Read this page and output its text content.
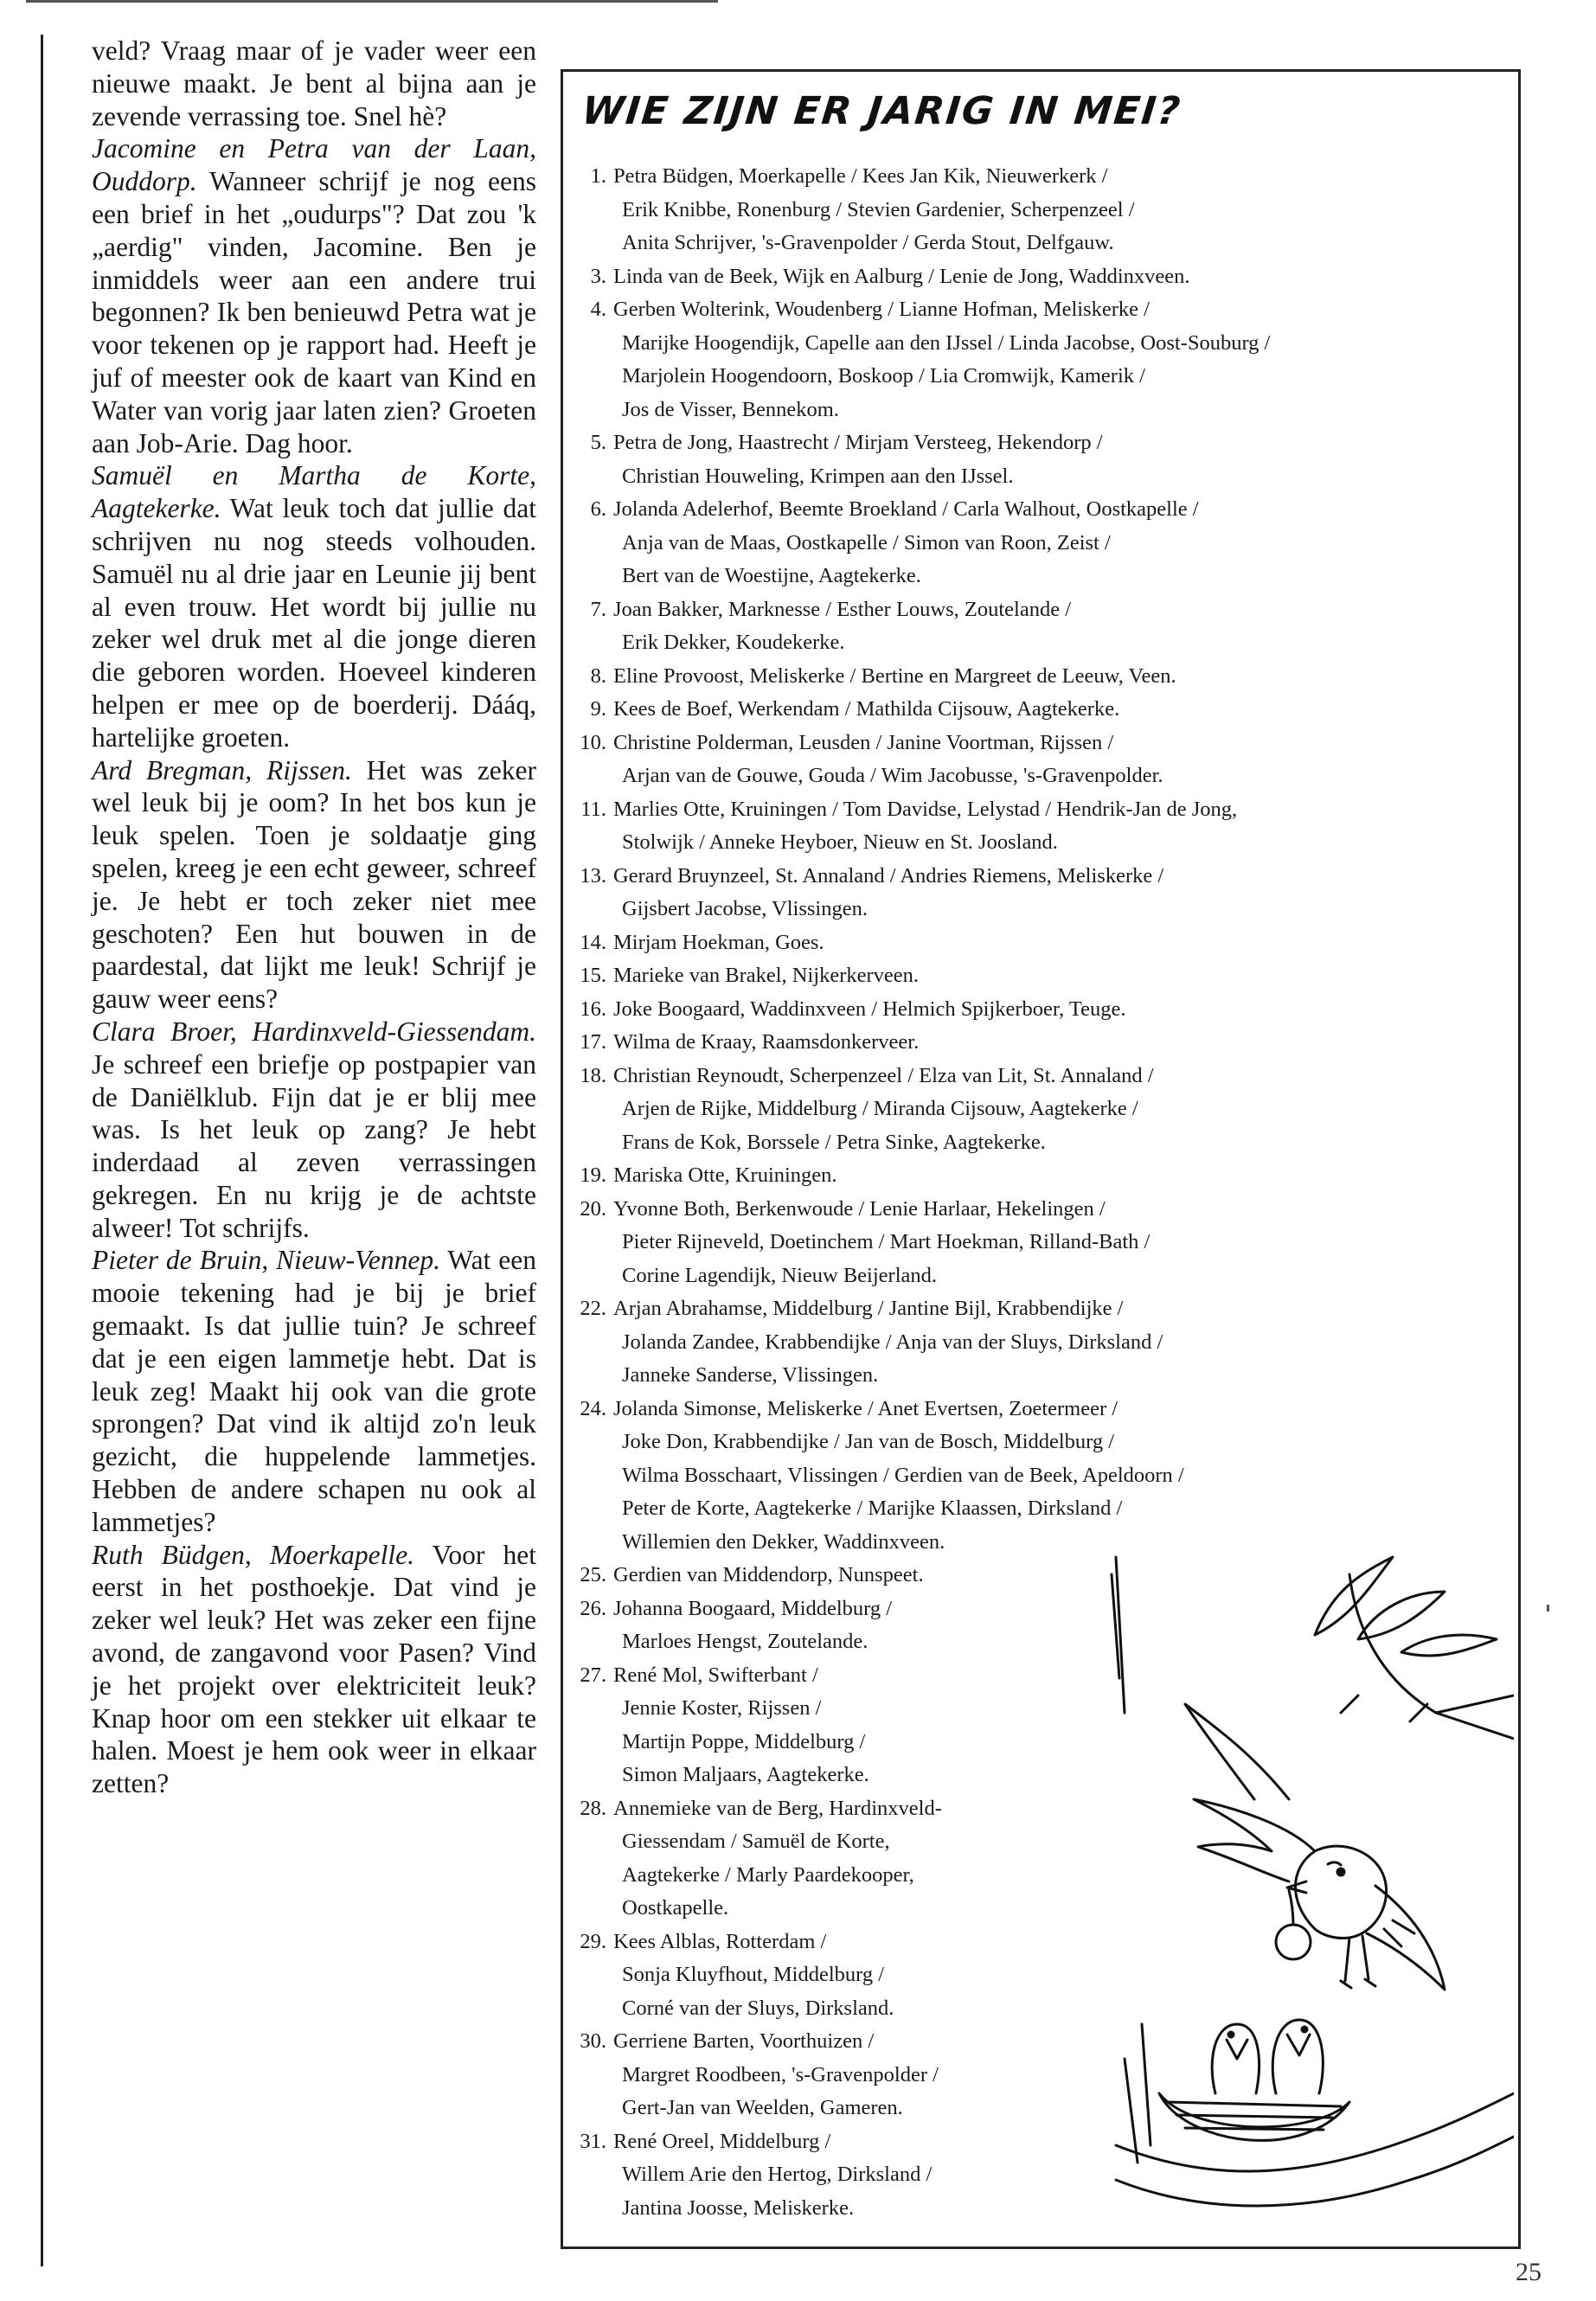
veld? Vraag maar of je vader weer een nieuwe maakt. Je bent al bijna aan je zevende verrassing toe. Snel hè?

Jacomine en Petra van der Laan, Ouddorp. Wanneer schrijf je nog eens een brief in het „oudurps"? Dat zou 'k „aerdig" vinden, Jacomine. Ben je inmiddels weer aan een andere trui begonnen? Ik ben benieuwd Petra wat je voor tekenen op je rapport had. Heeft je juf of meester ook de kaart van Kind en Water van vorig jaar laten zien? Groeten aan Job-Arie. Dag hoor.

Samuël en Martha de Korte, Aagtekerke. Wat leuk toch dat jullie dat schrijven nu nog steeds volhouden. Samuël nu al drie jaar en Leunie jij bent al even trouw. Het wordt bij jullie nu zeker wel druk met al die jonge dieren die geboren worden. Hoeveel kinderen helpen er mee op de boerderij. Dááq, hartelijke groeten.

Ard Bregman, Rijssen. Het was zeker wel leuk bij je oom? In het bos kun je leuk spelen. Toen je soldaatje ging spelen, kreeg je een echt geweer, schreef je. Je hebt er toch zeker niet mee geschoten? Een hut bouwen in de paardestal, dat lijkt me leuk! Schrijf je gauw weer eens?

Clara Broer, Hardinxveld-Giessendam. Je schreef een briefje op postpapier van de Daniëlklub. Fijn dat je er blij mee was. Is het leuk op zang? Je hebt inderdaad al zeven verrassingen gekregen. En nu krijg je de achtste alweer! Tot schrijfs.

Pieter de Bruin, Nieuw-Vennep. Wat een mooie tekening had je bij je brief gemaakt. Is dat jullie tuin? Je schreef dat je een eigen lammetje hebt. Dat is leuk zeg! Maakt hij ook van die grote sprongen? Dat vind ik altijd zo'n leuk gezicht, die huppelende lammetjes. Hebben de andere schapen nu ook al lammetjes?

Ruth Büdgen, Moerkapelle. Voor het eerst in het posthoekje. Dat vind je zeker wel leuk? Het was zeker een fijne avond, de zangavond voor Pasen? Vind je het projekt over elektriciteit leuk? Knap hoor om een stekker uit elkaar te halen. Moest je hem ook weer in elkaar zetten?

WIE ZIJN ER JARIG IN MEI?
1. Petra Büdgen, Moerkapelle / Kees Jan Kik, Nieuwerkerk /
Erik Knibbe, Ronenburg / Stevien Gardenier, Scherpenzeel /
Anita Schrijver, 's-Gravenpolder / Gerda Stout, Delfgauw.
3. Linda van de Beek, Wijk en Aalburg / Lenie de Jong, Waddinxveen.
4. Gerben Wolterink, Woudenberg / Lianne Hofman, Meliskerke /
Marijke Hoogendijk, Capelle aan den IJssel / Linda Jacobse, Oost-Souburg /
Marjolein Hoogendoorn, Boskoop / Lia Cromwijk, Kamerik /
Jos de Visser, Bennekom.
5. Petra de Jong, Haastrecht / Mirjam Versteeg, Hekendorp /
Christian Houweling, Krimpen aan den IJssel.
6. Jolanda Adelerhof, Beemte Broekland / Carla Walhout, Oostkapelle /
Anja van de Maas, Oostkapelle / Simon van Roon, Zeist /
Bert van de Woestijne, Aagtekerke.
7. Joan Bakker, Marknesse / Esther Louws, Zoutelande /
Erik Dekker, Koudekerke.
8. Eline Provoost, Meliskerke / Bertine en Margreet de Leeuw, Veen.
9. Kees de Boef, Werkendam / Mathilda Cijsouw, Aagtekerke.
10. Christine Polderman, Leusden / Janine Voortman, Rijssen /
Arjan van de Gouwe, Gouda / Wim Jacobusse, 's-Gravenpolder.
11. Marlies Otte, Kruiningen / Tom Davidse, Lelystad / Hendrik-Jan de Jong,
Stolwijk / Anneke Heyboer, Nieuw en St. Joosland.
13. Gerard Bruynzeel, St. Annaland / Andries Riemens, Meliskerke /
Gijsbert Jacobse, Vlissingen.
14. Mirjam Hoekman, Goes.
15. Marieke van Brakel, Nijkerkerveen.
16. Joke Boogaard, Waddinxveen / Helmich Spijkerboer, Teuge.
17. Wilma de Kraay, Raamsdonkerveer.
18. Christian Reynoudt, Scherpenzeel / Elza van Lit, St. Annaland /
Arjen de Rijke, Middelburg / Miranda Cijsouw, Aagtekerke /
Frans de Kok, Borssele / Petra Sinke, Aagtekerke.
19. Mariska Otte, Kruiningen.
20. Yvonne Both, Berkenwoude / Lenie Harlaar, Hekelingen /
Pieter Rijneveld, Doetinchem / Mart Hoekman, Rilland-Bath /
Corine Lagendijk, Nieuw Beijerland.
22. Arjan Abrahamse, Middelburg / Jantine Bijl, Krabbendijke /
Jolanda Zandee, Krabbendijke / Anja van der Sluys, Dirksland /
Janneke Sanderse, Vlissingen.
24. Jolanda Simonse, Meliskerke / Anet Evertsen, Zoetermeer /
Joke Don, Krabbendijke / Jan van de Bosch, Middelburg /
Wilma Bosschaart, Vlissingen / Gerdien van de Beek, Apeldoorn /
Peter de Korte, Aagtekerke / Marijke Klaassen, Dirksland /
Willemien den Dekker, Waddinxveen.
25. Gerdien van Middendorp, Nunspeet.
26. Johanna Boogaard, Middelburg /
Marloes Hengst, Zoutelande.
27. René Mol, Swifterbant /
Jennie Koster, Rijssen /
Martijn Poppe, Middelburg /
Simon Maljaars, Aagtekerke.
28. Annemieke van de Berg, Hardinxveld-
Giessendam / Samuël de Korte,
Aagtekerke / Marly Paardekooper,
Oostkapelle.
29. Kees Alblas, Rotterdam /
Sonja Kluyfhout, Middelburg /
Corné van der Sluys, Dirksland.
30. Gerriene Barten, Voorthuizen /
Margret Roodbeen, 's-Gravenpolder /
Gert-Jan van Weelden, Gameren.
31. René Oreel, Middelburg /
Willem Arie den Hertog, Dirksland /
Jantina Joosse, Meliskerke.
25
